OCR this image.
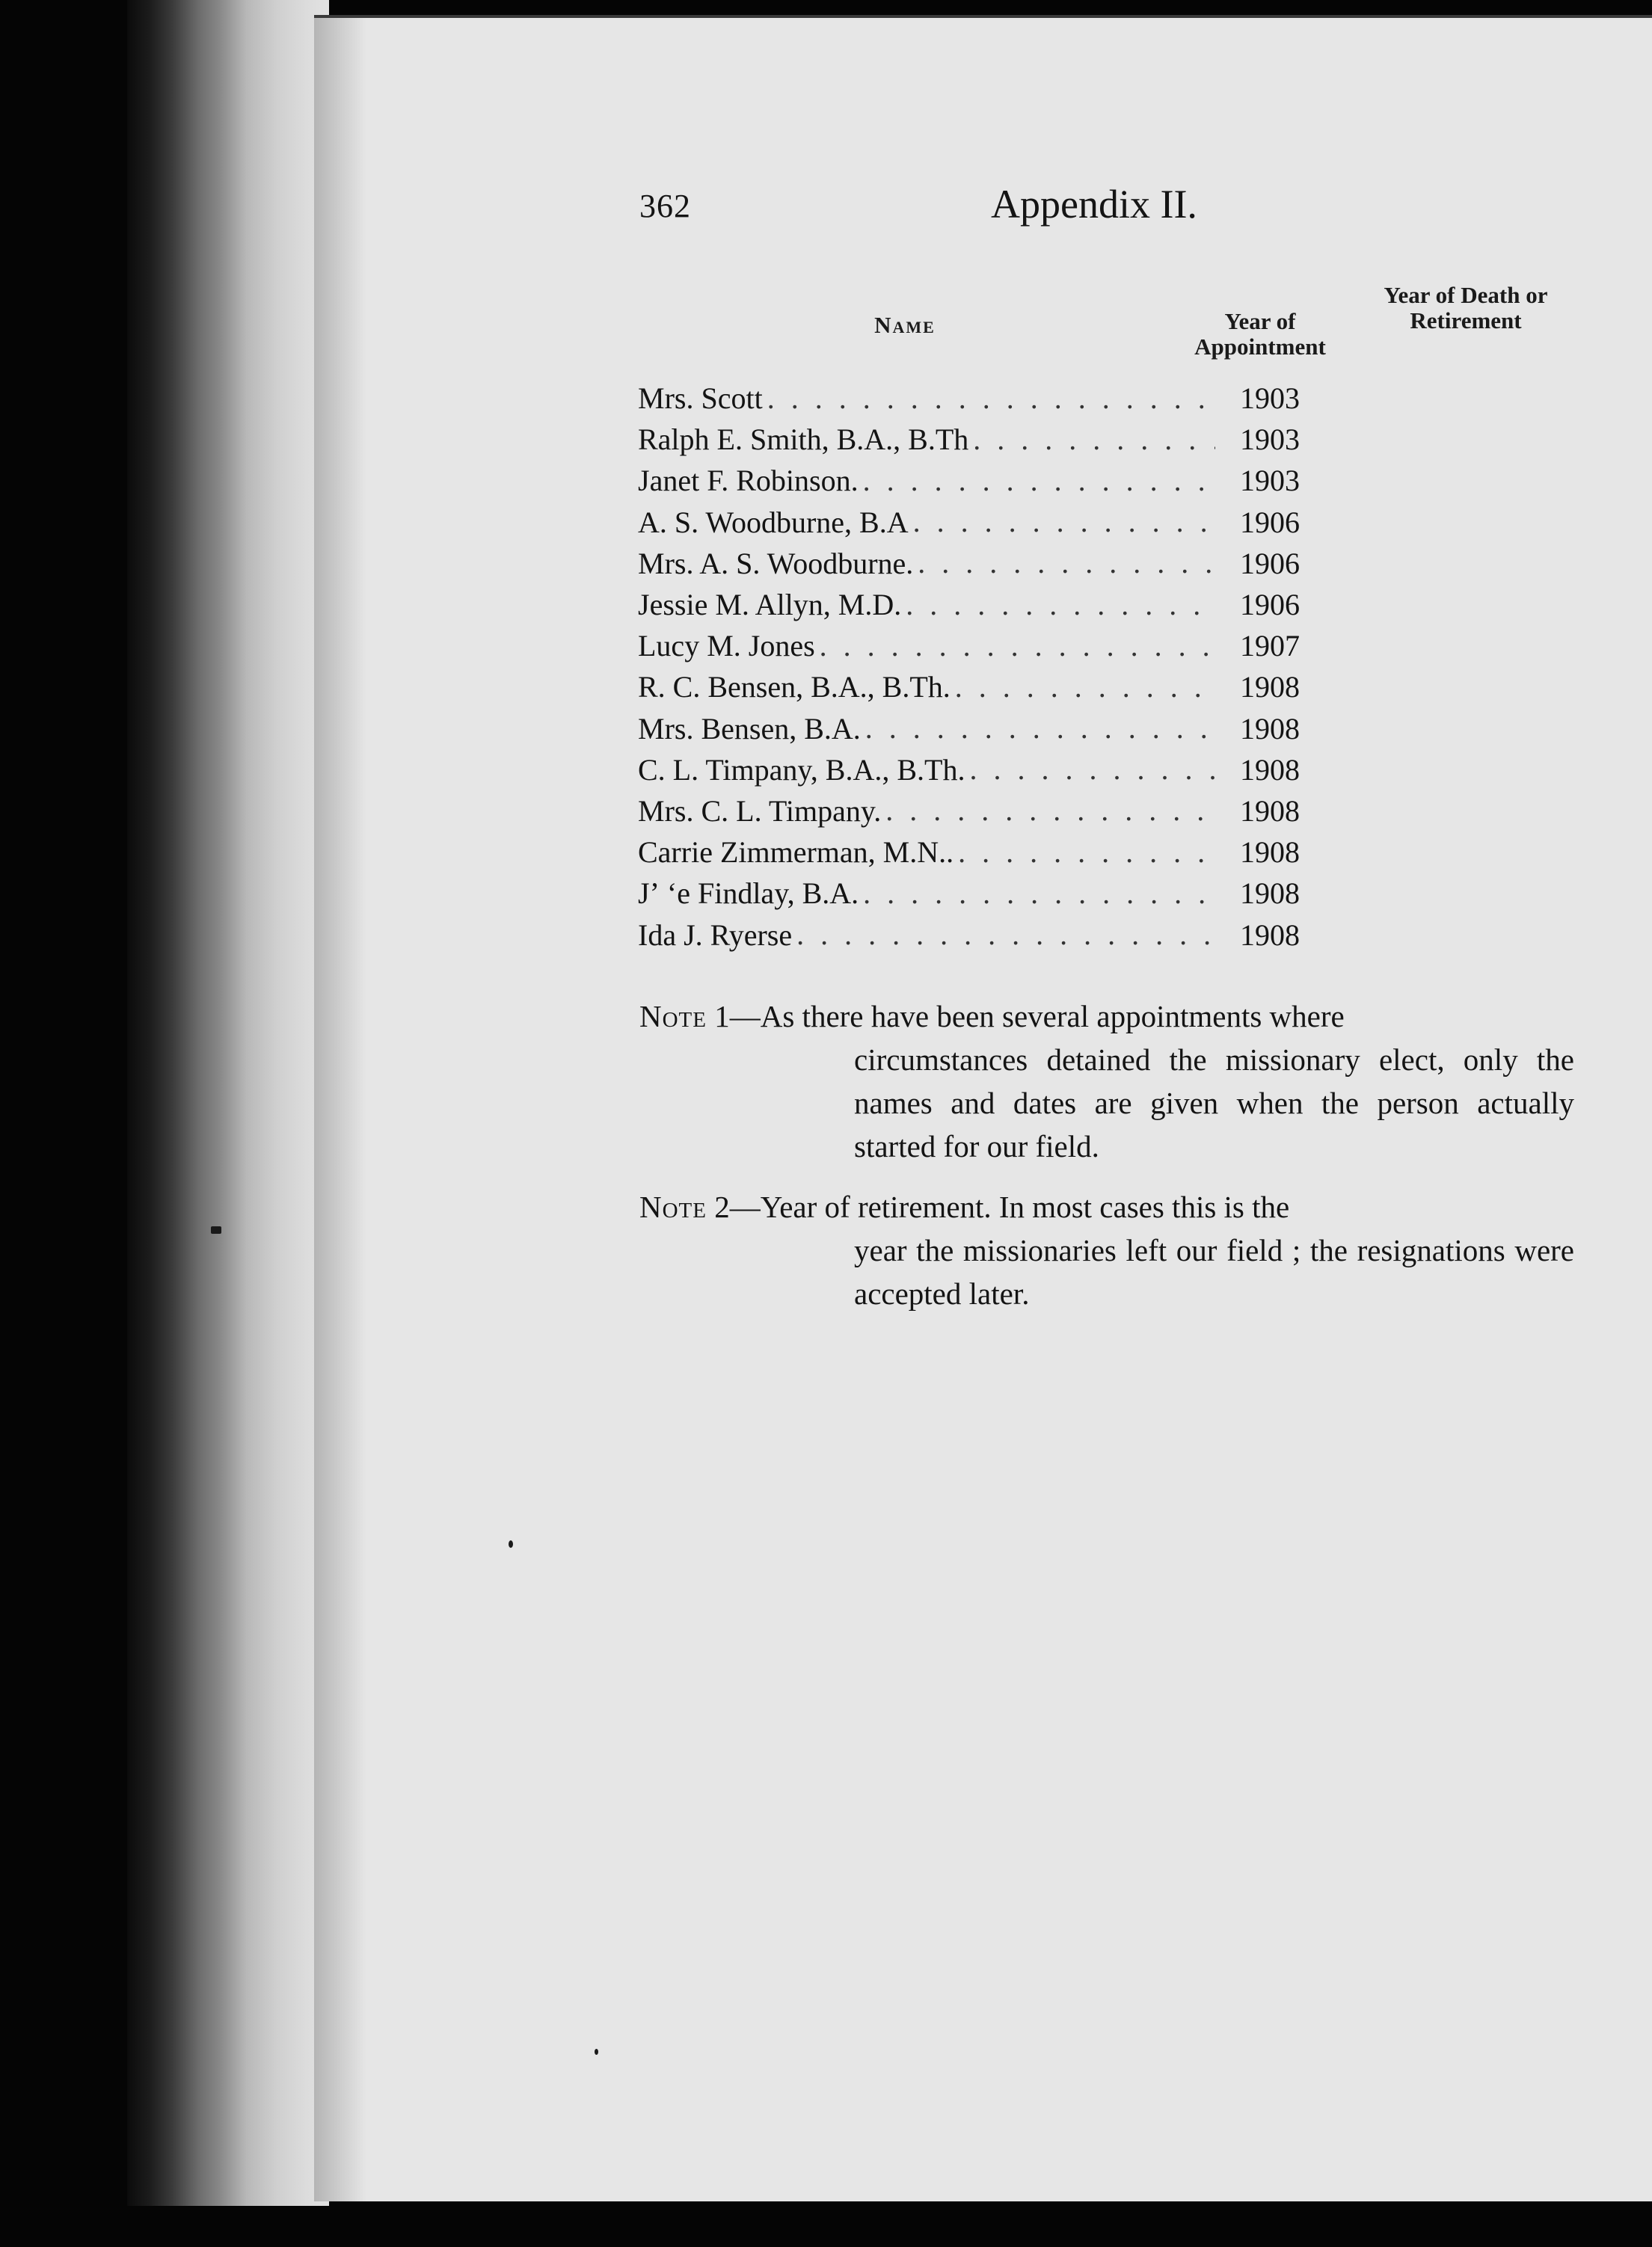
362	Appendix II.
Name	Year of Appointment
Year of Death or Retirement
Mrs. Scott . . .	1903
Ralph E. Smith, B.A., B.Th . . .	1903
Janet F. Robinson. . . .	1903
A. S. Woodburne, B.A . . .	1906
Mrs. A. S. Woodburne. . . .	1906
Jessie M. Allyn, M.D. . . .	1906
Lucy M. Jones . . .	1907
R. C. Bensen, B.A., B.Th. . . .	1908
Mrs. Bensen, B.A. . . .	1908
C. L. Timpany, B.A., B.Th. . . .	1908
Mrs. C. L. Timpany. . . .	1908
Carrie Zimmerman, M.N.. . . .	1908
Jʼ ʻe Findlay, B.A. . . .	1908
Ida J. Ryerse . . .	1908
Note 1—As there have been several appointments where
circumstances detained the missionary elect, only the names and dates are given when the person actually started for our field.
Note 2—Year of retirement. In most cases this is the
year the missionaries left our field ; the resignations were accepted later.
